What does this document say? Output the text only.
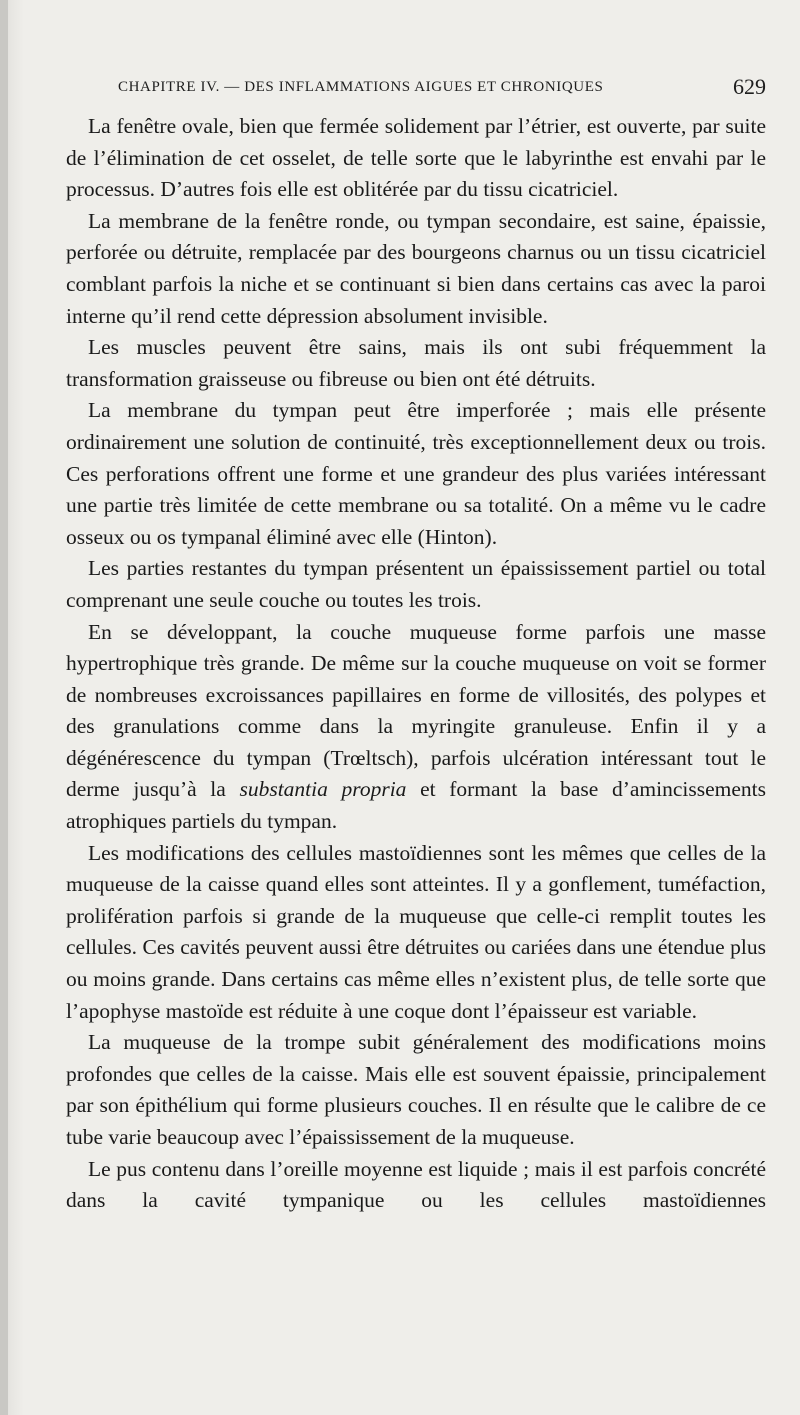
CHAPITRE IV. — DES INFLAMMATIONS AIGUES ET CHRONIQUES	629

La fenêtre ovale, bien que fermée solidement par l’étrier, est ouverte, par suite de l’élimination de cet osselet, de telle sorte que le labyrinthe est envahi par le processus. D’autres fois elle est oblitérée par du tissu cicatriciel.

La membrane de la fenêtre ronde, ou tympan secondaire, est saine, épaissie, perforée ou détruite, remplacée par des bourgeons charnus ou un tissu cicatriciel comblant parfois la niche et se continuant si bien dans certains cas avec la paroi interne qu’il rend cette dépression absolument invisible.

Les muscles peuvent être sains, mais ils ont subi fréquemment la transformation graisseuse ou fibreuse ou bien ont été détruits.

La membrane du tympan peut être imperforée ; mais elle présente ordinairement une solution de continuité, très exceptionnellement deux ou trois. Ces perforations offrent une forme et une grandeur des plus variées intéressant une partie très limitée de cette membrane ou sa totalité. On a même vu le cadre osseux ou os tympanal éliminé avec elle (Hinton).

Les parties restantes du tympan présentent un épaississement partiel ou total comprenant une seule couche ou toutes les trois.

En se développant, la couche muqueuse forme parfois une masse hypertrophique très grande. De même sur la couche muqueuse on voit se former de nombreuses excroissances papillaires en forme de villosités, des polypes et des granulations comme dans la myringite granuleuse. Enfin il y a dégénérescence du tympan (Trœltsch), parfois ulcération intéressant tout le derme jusqu’à la substantia propria et formant la base d’amincissements atrophiques partiels du tympan.

Les modifications des cellules mastoïdiennes sont les mêmes que celles de la muqueuse de la caisse quand elles sont atteintes. Il y a gonflement, tuméfaction, prolifération parfois si grande de la muqueuse que celle-ci remplit toutes les cellules. Ces cavités peuvent aussi être détruites ou cariées dans une étendue plus ou moins grande. Dans certains cas même elles n’existent plus, de telle sorte que l’apophyse mastoïde est réduite à une coque dont l’épaisseur est variable.

La muqueuse de la trompe subit généralement des modifications moins profondes que celles de la caisse. Mais elle est souvent épaissie, principalement par son épithélium qui forme plusieurs couches. Il en résulte que le calibre de ce tube varie beaucoup avec l’épaississement de la muqueuse.

Le pus contenu dans l’oreille moyenne est liquide ; mais il est parfois concrété dans la cavité tympanique ou les cellules mastoïdiennes
